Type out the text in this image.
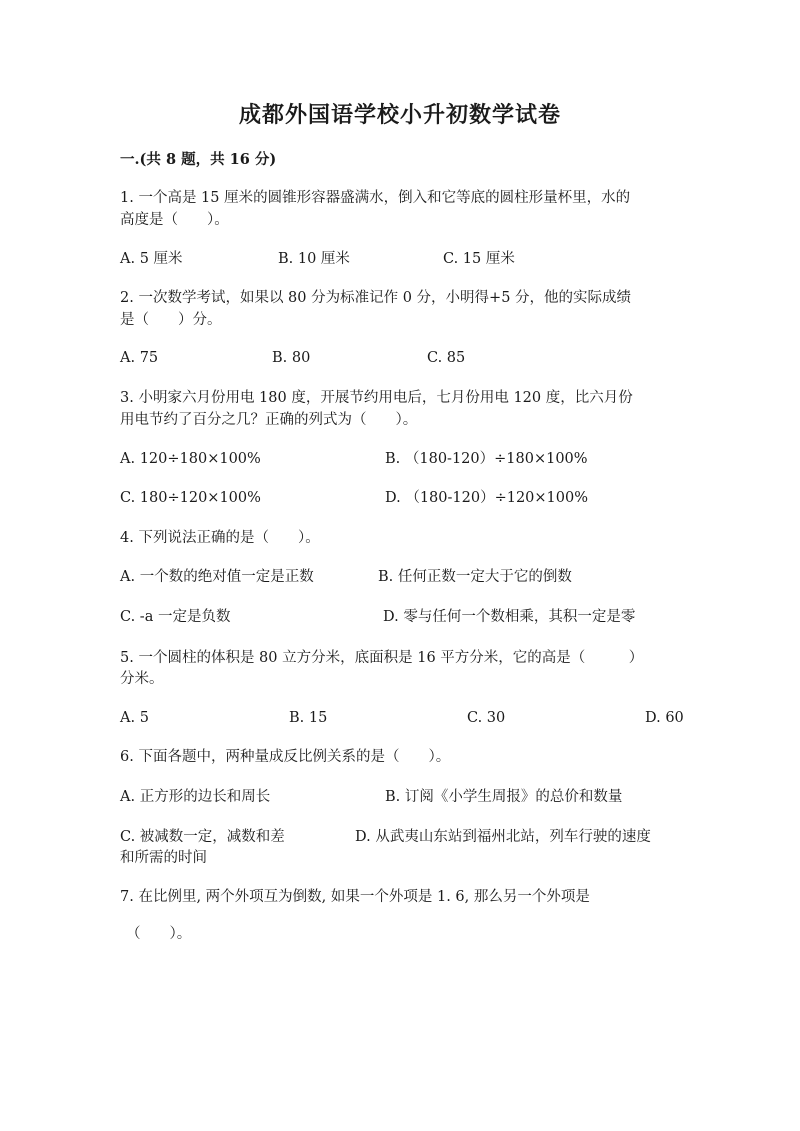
成都外国语学校小升初数学试卷
一.(共 8 题，共 16 分)
1. 一个高是 15 厘米的圆锥形容器盛满水，倒入和它等底的圆柱形量杯里，水的
高度是（　　）。
A. 5 厘米	B. 10 厘米	C. 15 厘米
2. 一次数学考试，如果以 80 分为标准记作 0 分，小明得+5 分，他的实际成绩
是（　　）分。
A. 75	B. 80	C. 85
3. 小明家六月份用电 180 度，开展节约用电后，七月份用电 120 度，比六月份
用电节约了百分之几？正确的列式为（　　）。
A. 120÷180×100%	B. （180-120）÷180×100%
C. 180÷120×100%	D. （180-120）÷120×100%
4. 下列说法正确的是（　　）。
A. 一个数的绝对值一定是正数	B. 任何正数一定大于它的倒数
C. -a 一定是负数	D. 零与任何一个数相乘，其积一定是零
5. 一个圆柱的体积是 80 立方分米，底面积是 16 平方分米，它的高是（　　　）
分米。
A. 5	B. 15	C. 30	D. 60
6. 下面各题中，两种量成反比例关系的是（　　）。
A. 正方形的边长和周长	B. 订阅《小学生周报》的总价和数量
C. 被减数一定，减数和差	D. 从武夷山东站到福州北站，列车行驶的速度
和所需的时间
7. 在比例里, 两个外项互为倒数, 如果一个外项是 1. 6, 那么另一个外项是
（　　）。
